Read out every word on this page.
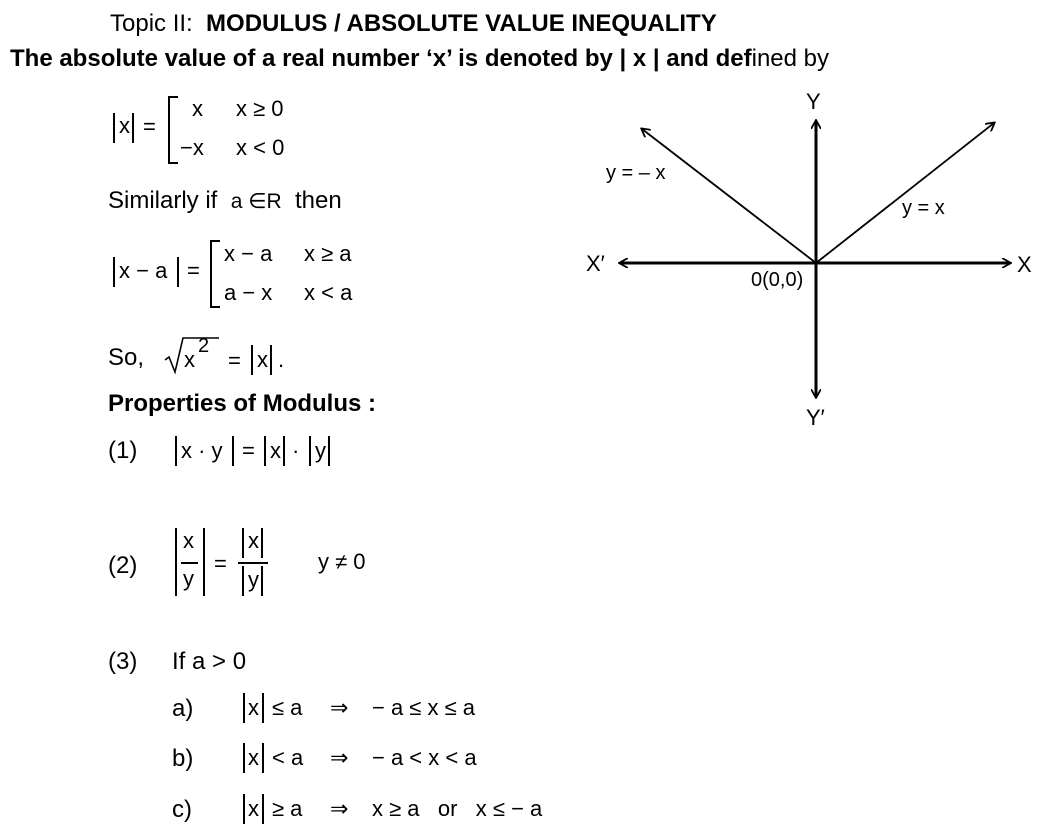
Topic II: MODULUS / ABSOLUTE VALUE INEQUALITY
The absolute value of a real number ‘x’ is denoted by | x | and defined by
x =
x x ≥ 0
−x x < 0
Similarly if a ∈R then
x − a =
x − a x ≥ a
a − x x < a
So, x
2
= x .
Properties of Modulus :
(1) x · y = x · y
(2)
x
y
=
x
y
y ≠ 0
(3) If a > 0
a) x ≤ a ⇒ − a ≤ x ≤ a
b) x < a ⇒ − a < x < a
c)	x ≥ a ⇒ x ≥ a   or   x ≤ − a
Y
Y′
X
X′
0(0,0)
y = – x
y = x
